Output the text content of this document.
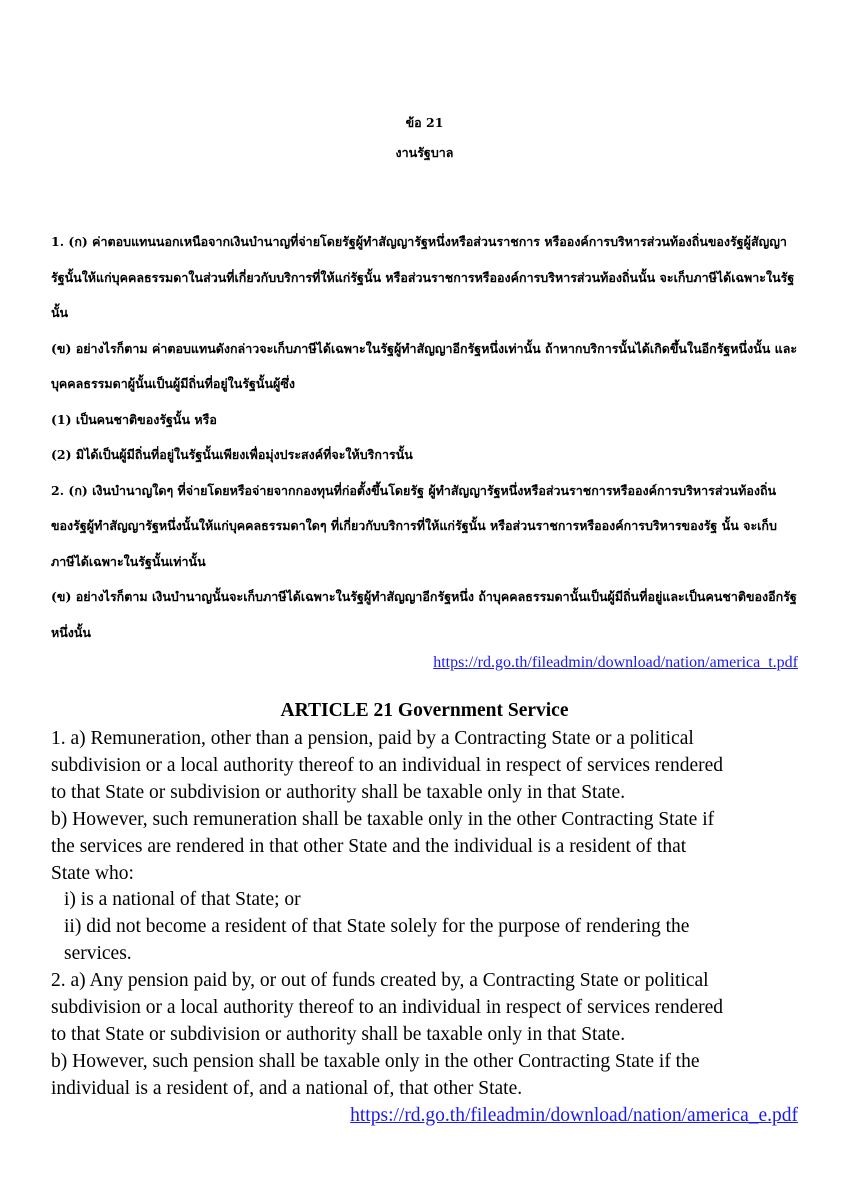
ข้อ 21

งานรัฐบาล

1. (ก) ค่าตอบแทนนอกเหนือจากเงินบำนาญที่จ่ายโดยรัฐผู้ทำสัญญารัฐหนึ่งหรือส่วนราชการ หรือองค์การบริหารส่วนท้องถิ่นของรัฐผู้สัญญารัฐนั้นให้แก่บุคคลธรรมดาในส่วนที่เกี่ยวกับบริการที่ให้แก่รัฐนั้น หรือส่วนราชการหรือองค์การบริหารส่วนท้องถิ่นนั้น จะเก็บภาษีได้เฉพาะในรัฐนั้น

(ข) อย่างไรก็ตาม ค่าตอบแทนดังกล่าวจะเก็บภาษีได้เฉพาะในรัฐผู้ทำสัญญาอีกรัฐหนึ่งเท่านั้น ถ้าหากบริการนั้นได้เกิดขึ้นในอีกรัฐหนึ่งนั้น และบุคคลธรรมดาผู้นั้นเป็นผู้มีถิ่นที่อยู่ในรัฐนั้นผู้ซึ่ง

(1) เป็นคนชาติของรัฐนั้น หรือ

(2) มิได้เป็นผู้มีถิ่นที่อยู่ในรัฐนั้นเพียงเพื่อมุ่งประสงค์ที่จะให้บริการนั้น

2. (ก) เงินบำนาญใดๆ ที่จ่ายโดยหรือจ่ายจากกองทุนที่ก่อตั้งขึ้นโดยรัฐ ผู้ทำสัญญารัฐหนึ่งหรือส่วนราชการหรือองค์การบริหารส่วนท้องถิ่นของรัฐผู้ทำสัญญารัฐหนึ่งนั้นให้แก่บุคคลธรรมดาใดๆ ที่เกี่ยวกับบริการที่ให้แก่รัฐนั้น หรือส่วนราชการหรือองค์การบริหารของรัฐ นั้น จะเก็บภาษีได้เฉพาะในรัฐนั้นเท่านั้น

(ข) อย่างไรก็ตาม เงินบำนาญนั้นจะเก็บภาษีได้เฉพาะในรัฐผู้ทำสัญญาอีกรัฐหนึ่ง ถ้าบุคคลธรรมดานั้นเป็นผู้มีถิ่นที่อยู่และเป็นคนชาติของอีกรัฐหนึ่งนั้น

https://rd.go.th/fileadmin/download/nation/america_t.pdf

ARTICLE 21 Government Service

1. a) Remuneration, other than a pension, paid by a Contracting State or a political

subdivision or a local authority thereof to an individual in respect of services rendered

to that State or subdivision or authority shall be taxable only in that State.

b) However, such remuneration shall be taxable only in the other Contracting State if

the services are rendered in that other State and the individual is a resident of that

State who:

i) is a national of that State; or

ii) did not become a resident of that State solely for the purpose of rendering the

services.

2. a) Any pension paid by, or out of funds created by, a Contracting State or political

subdivision or a local authority thereof to an individual in respect of services rendered

to that State or subdivision or authority shall be taxable only in that State.

b) However, such pension shall be taxable only in the other Contracting State if the

individual is a resident of, and a national of, that other State.

https://rd.go.th/fileadmin/download/nation/america_e.pdf
